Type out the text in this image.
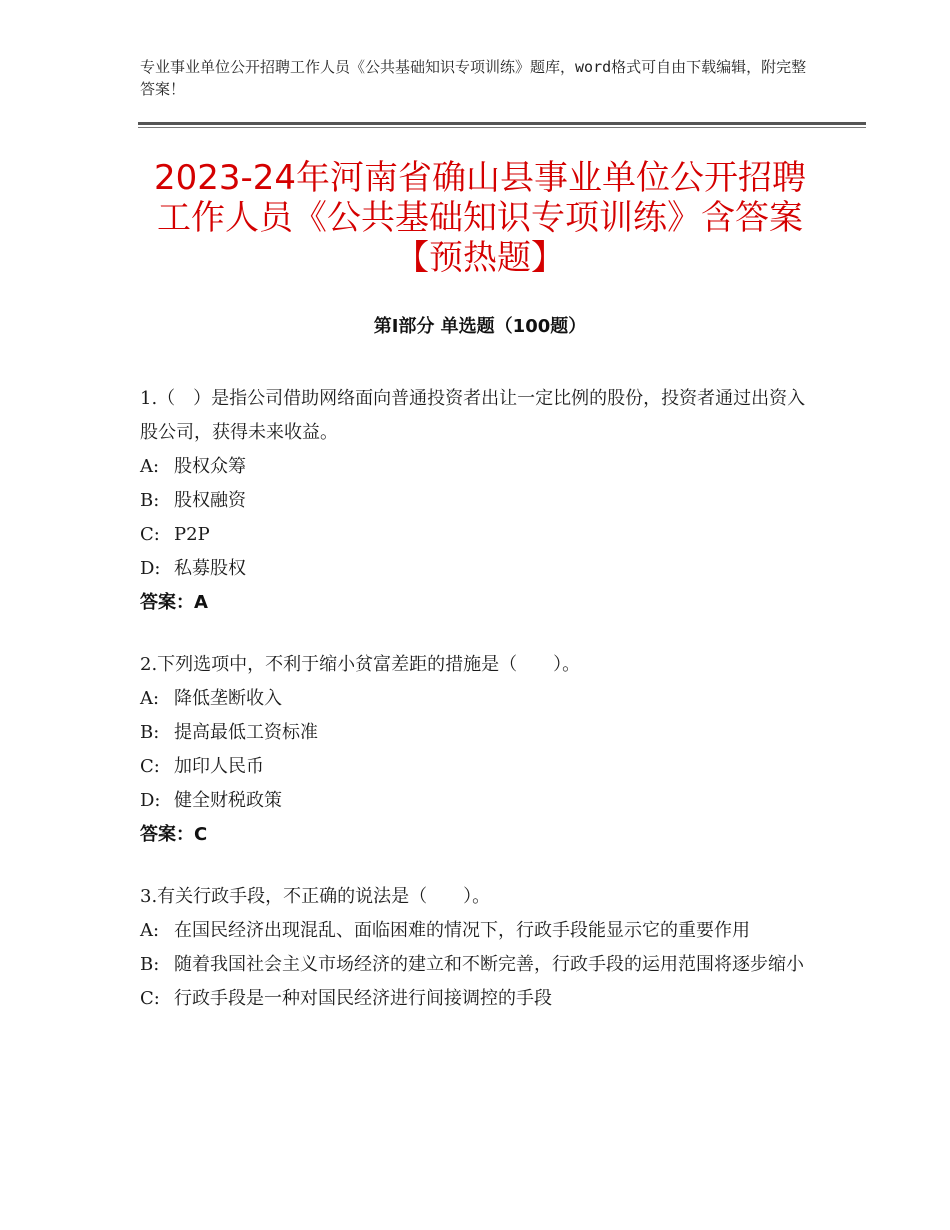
专业事业单位公开招聘工作人员《公共基础知识专项训练》题库，word格式可自由下载编辑，附完整答案！
2023-24年河南省确山县事业单位公开招聘工作人员《公共基础知识专项训练》含答案【预热题】
第I部分 单选题（100题）
1.（　）是指公司借助网络面向普通投资者出让一定比例的股份，投资者通过出资入股公司，获得未来收益。
A: 股权众筹
B: 股权融资
C: P2P
D: 私募股权
答案：A
2.下列选项中，不利于缩小贫富差距的措施是（　　）。
A: 降低垄断收入
B: 提高最低工资标准
C: 加印人民币
D: 健全财税政策
答案：C
3.有关行政手段，不正确的说法是（　　）。
A: 在国民经济出现混乱、面临困难的情况下，行政手段能显示它的重要作用
B: 随着我国社会主义市场经济的建立和不断完善，行政手段的运用范围将逐步缩小
C: 行政手段是一种对国民经济进行间接调控的手段
